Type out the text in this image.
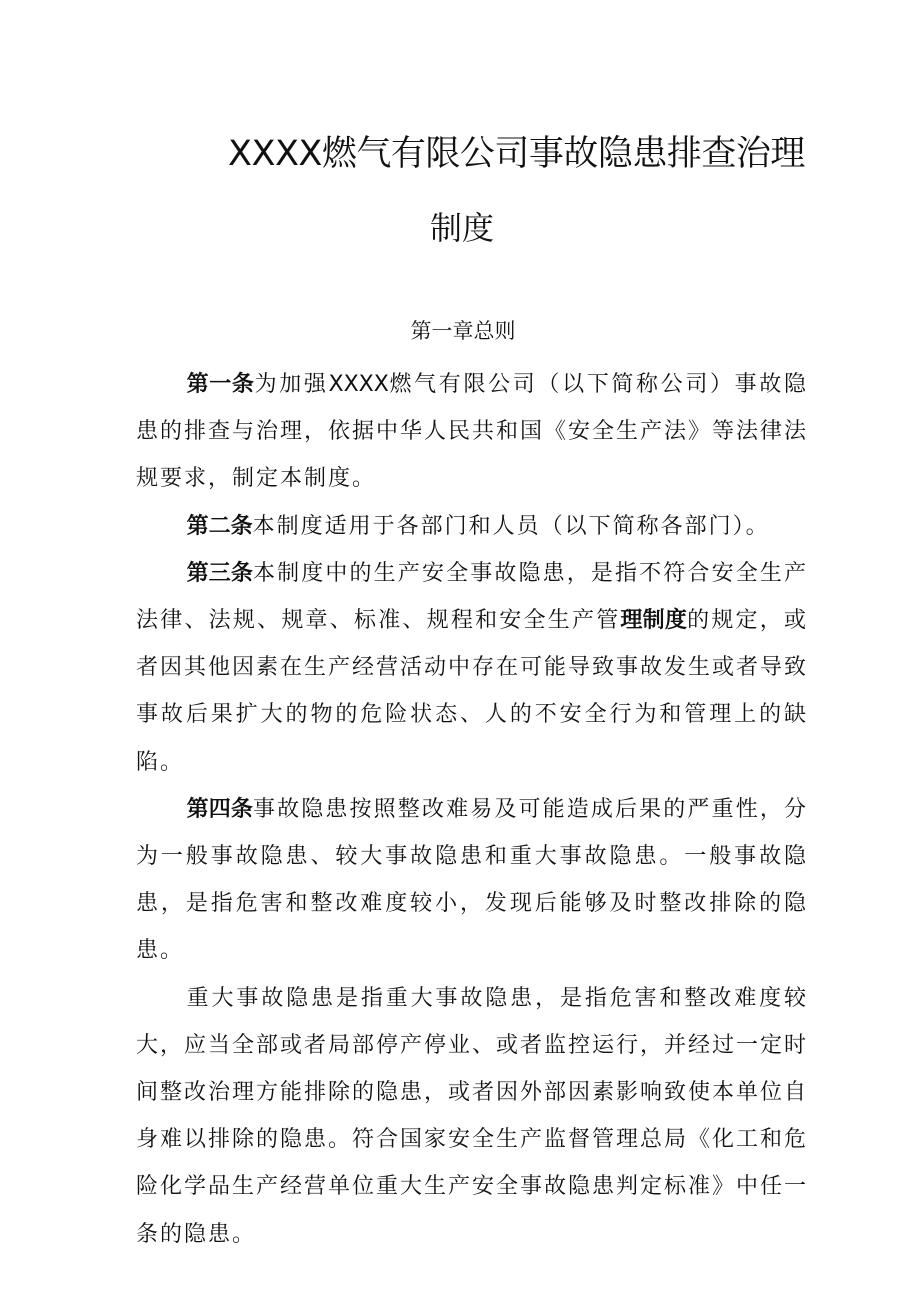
XXXX燃气有限公司事故隐患排查治理
制度
第一章总则

第一条为加强XXXX燃气有限公司（以下简称公司）事故隐患的排查与治理，依据中华人民共和国《安全生产法》等法律法规要求，制定本制度。

第二条本制度适用于各部门和人员（以下简称各部门）。

第三条本制度中的生产安全事故隐患，是指不符合安全生产法律、法规、规章、标准、规程和安全生产管理制度的规定，或者因其他因素在生产经营活动中存在可能导致事故发生或者导致事故后果扩大的物的危险状态、人的不安全行为和管理上的缺陷。

第四条事故隐患按照整改难易及可能造成后果的严重性，分为一般事故隐患、较大事故隐患和重大事故隐患。一般事故隐患，是指危害和整改难度较小，发现后能够及时整改排除的隐患。

重大事故隐患是指重大事故隐患，是指危害和整改难度较大，应当全部或者局部停产停业、或者监控运行，并经过一定时间整改治理方能排除的隐患，或者因外部因素影响致使本单位自身难以排除的隐患。符合国家安全生产监督管理总局《化工和危险化学品生产经营单位重大生产安全事故隐患判定标准》中任一条的隐患。
